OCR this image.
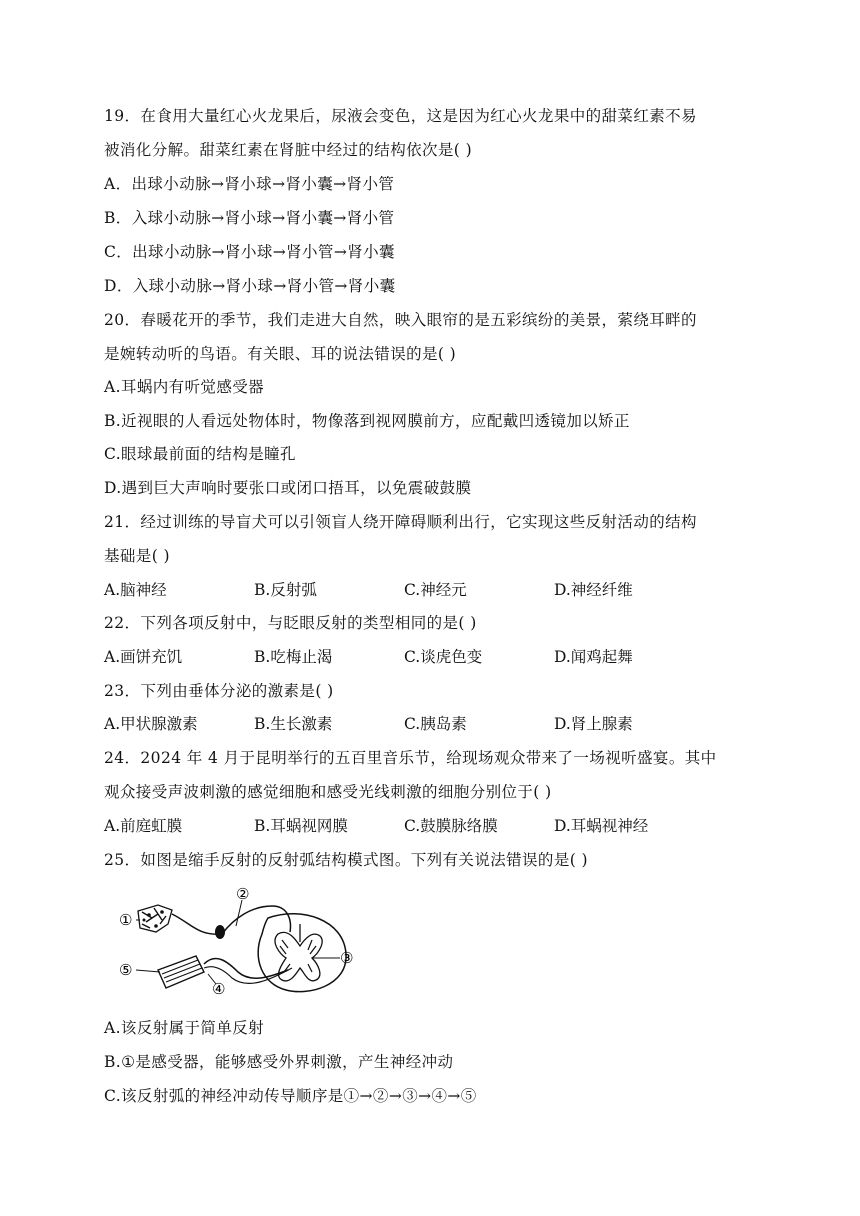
19．在食用大量红心火龙果后，尿液会变色，这是因为红心火龙果中的甜菜红素不易
被消化分解。甜菜红素在肾脏中经过的结构依次是( )
A．出球小动脉→肾小球→肾小囊→肾小管
B．入球小动脉→肾小球→肾小囊→肾小管
C．出球小动脉→肾小球→肾小管→肾小囊
D．入球小动脉→肾小球→肾小管→肾小囊
20．春暖花开的季节，我们走进大自然，映入眼帘的是五彩缤纷的美景，萦绕耳畔的
是婉转动听的鸟语。有关眼、耳的说法错误的是( )
A.耳蜗内有听觉感受器
B.近视眼的人看远处物体时，物像落到视网膜前方，应配戴凹透镜加以矫正
C.眼球最前面的结构是瞳孔
D.遇到巨大声响时要张口或闭口捂耳，以免震破鼓膜
21．经过训练的导盲犬可以引领盲人绕开障碍顺利出行，它实现这些反射活动的结构
基础是( )
A.脑神经	B.反射弧	C.神经元	D.神经纤维
22．下列各项反射中，与眨眼反射的类型相同的是( )
A.画饼充饥	B.吃梅止渴	C.谈虎色变	D.闻鸡起舞
23．下列由垂体分泌的激素是( )
A.甲状腺激素	B.生长激素	C.胰岛素	D.肾上腺素
24．2024 年 4 月于昆明举行的五百里音乐节，给现场观众带来了一场视听盛宴。其中
观众接受声波刺激的感觉细胞和感受光线刺激的细胞分别位于( )
A.前庭虹膜	B.耳蜗视网膜	C.鼓膜脉络膜	D.耳蜗视神经
25．如图是缩手反射的反射弧结构模式图。下列有关说法错误的是( )
①
②
③
④
⑤
A.该反射属于简单反射
B.①是感受器，能够感受外界刺激，产生神经冲动
C.该反射弧的神经冲动传导顺序是①→②→③→④→⑤
